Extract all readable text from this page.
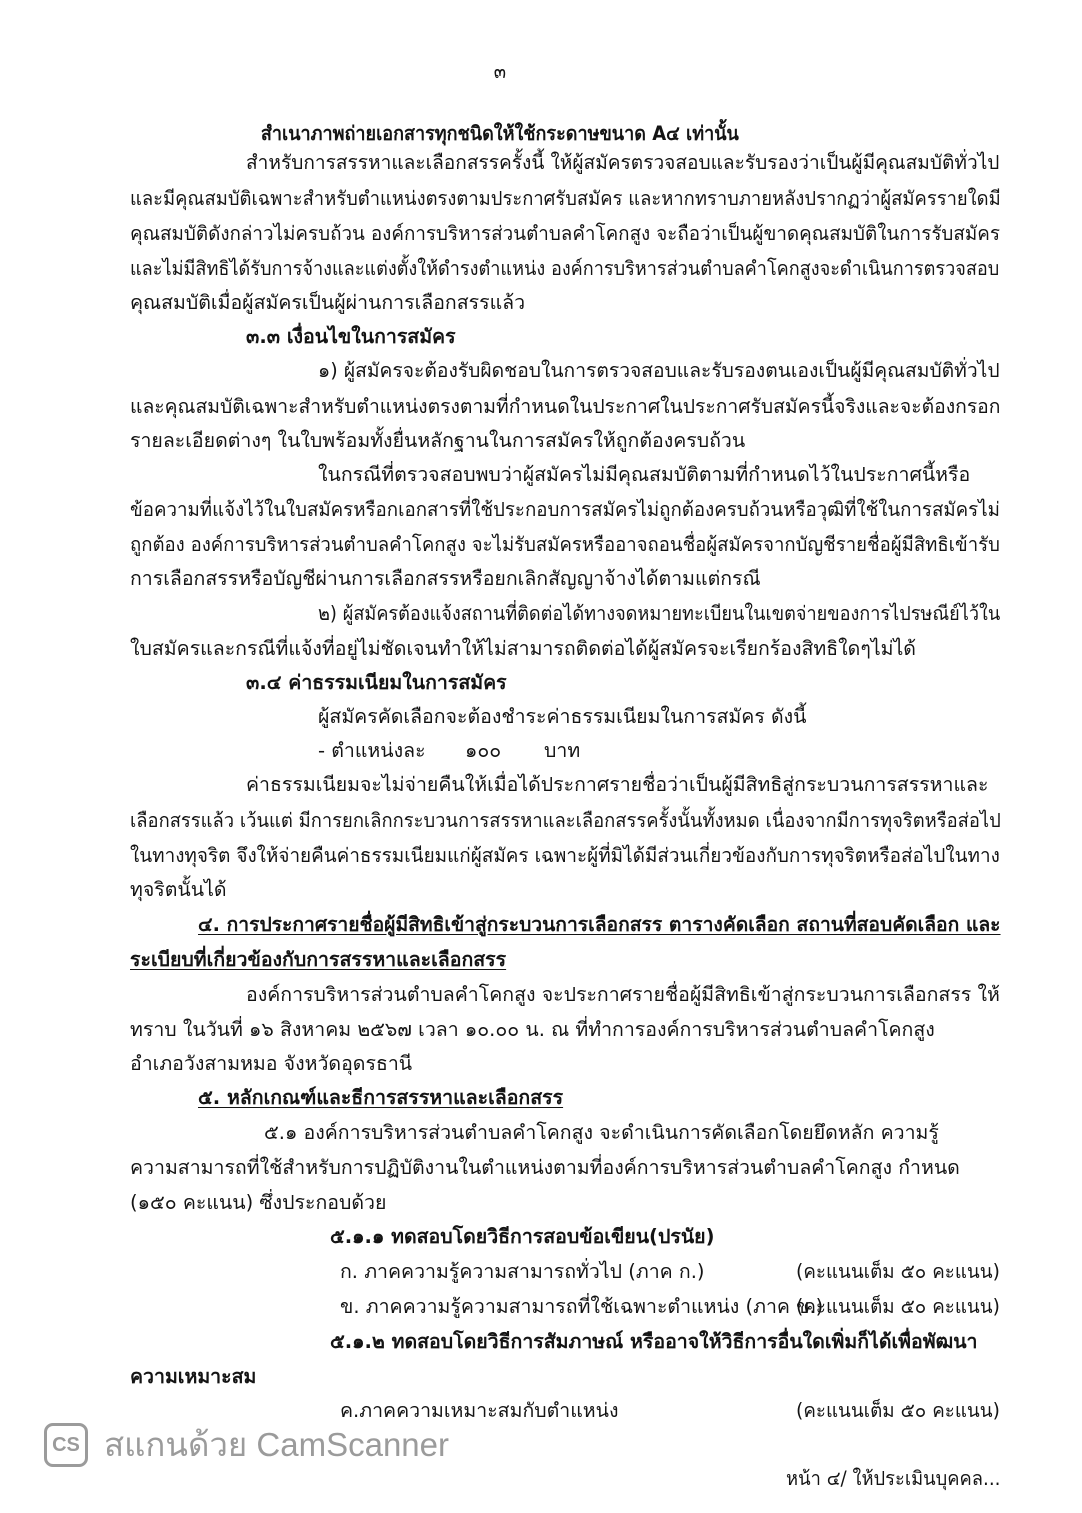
๓
สำเนาภาพถ่ายเอกสารทุกชนิดให้ใช้กระดาษขนาด A๔ เท่านั้น
สำหรับการสรรหาและเลือกสรรครั้งนี้ ให้ผู้สมัครตรวจสอบและรับรองว่าเป็นผู้มีคุณสมบัติทั่วไป
และมีคุณสมบัติเฉพาะสำหรับตำแหน่งตรงตามประกาศรับสมัคร และหากทราบภายหลังปรากฏว่าผู้สมัครรายใดมี
คุณสมบัติดังกล่าวไม่ครบถ้วน องค์การบริหารส่วนตำบลคำโคกสูง จะถือว่าเป็นผู้ขาดคุณสมบัติในการรับสมัคร
และไม่มีสิทธิได้รับการจ้างและแต่งตั้งให้ดำรงตำแหน่ง องค์การบริหารส่วนตำบลคำโคกสูงจะดำเนินการตรวจสอบ
คุณสมบัติเมื่อผู้สมัครเป็นผู้ผ่านการเลือกสรรแล้ว
๓.๓ เงื่อนไขในการสมัคร
๑) ผู้สมัครจะต้องรับผิดชอบในการตรวจสอบและรับรองตนเองเป็นผู้มีคุณสมบัติทั่วไป
และคุณสมบัติเฉพาะสำหรับตำแหน่งตรงตามที่กำหนดในประกาศในประกาศรับสมัครนี้จริงและจะต้องกรอก
รายละเอียดต่างๆ ในใบพร้อมทั้งยื่นหลักฐานในการสมัครให้ถูกต้องครบถ้วน
ในกรณีที่ตรวจสอบพบว่าผู้สมัครไม่มีคุณสมบัติตามที่กำหนดไว้ในประกาศนี้หรือ
ข้อความที่แจ้งไว้ในใบสมัครหรือกเอกสารที่ใช้ประกอบการสมัครไม่ถูกต้องครบถ้วนหรือวุฒิที่ใช้ในการสมัครไม่
ถูกต้อง องค์การบริหารส่วนตำบลคำโคกสูง จะไม่รับสมัครหรืออาจถอนชื่อผู้สมัครจากบัญชีรายชื่อผู้มีสิทธิเข้ารับ
การเลือกสรรหรือบัญชีผ่านการเลือกสรรหรือยกเลิกสัญญาจ้างได้ตามแต่กรณี
๒) ผู้สมัครต้องแจ้งสถานที่ติดต่อได้ทางจดหมายทะเบียนในเขตจ่ายของการไปรษณีย์ไว้ใน
ใบสมัครและกรณีที่แจ้งที่อยู่ไม่ชัดเจนทำให้ไม่สามารถติดต่อได้ผู้สมัครจะเรียกร้องสิทธิใดๆไม่ได้
๓.๔ ค่าธรรมเนียมในการสมัคร
ผู้สมัครคัดเลือกจะต้องชำระค่าธรรมเนียมในการสมัคร ดังนี้
- ตำแหน่งละ ๑๐๐ บาท
ค่าธรรมเนียมจะไม่จ่ายคืนให้เมื่อได้ประกาศรายชื่อว่าเป็นผู้มีสิทธิสู่กระบวนการสรรหาและ
เลือกสรรแล้ว เว้นแต่ มีการยกเลิกกระบวนการสรรหาและเลือกสรรครั้งนั้นทั้งหมด เนื่องจากมีการทุจริตหรือส่อไป
ในทางทุจริต จึงให้จ่ายคืนค่าธรรมเนียมแก่ผู้สมัคร เฉพาะผู้ที่มิได้มีส่วนเกี่ยวข้องกับการทุจริตหรือส่อไปในทาง
ทุจริตนั้นได้
๔. การประกาศรายชื่อผู้มีสิทธิเข้าสู่กระบวนการเลือกสรร ตารางคัดเลือก สถานที่สอบคัดเลือก และ
ระเบียบที่เกี่ยวข้องกับการสรรหาและเลือกสรร
องค์การบริหารส่วนตำบลคำโคกสูง จะประกาศรายชื่อผู้มีสิทธิเข้าสู่กระบวนการเลือกสรร ให้
ทราบ ในวันที่ ๑๖ สิงหาคม ๒๕๖๗ เวลา ๑๐.๐๐ น. ณ ที่ทำการองค์การบริหารส่วนตำบลคำโคกสูง
อำเภอวังสามหมอ จังหวัดอุดรธานี
๕. หลักเกณฑ์และธีการสรรหาและเลือกสรร
๕.๑ องค์การบริหารส่วนตำบลคำโคกสูง จะดำเนินการคัดเลือกโดยยึดหลัก ความรู้
ความสามารถที่ใช้สำหรับการปฏิบัติงานในตำแหน่งตามที่องค์การบริหารส่วนตำบลคำโคกสูง กำหนด
(๑๕๐ คะแนน) ซึ่งประกอบด้วย
๕.๑.๑ ทดสอบโดยวิธีการสอบข้อเขียน(ปรนัย)
ก. ภาคความรู้ความสามารถทั่วไป (ภาค ก.)	(คะแนนเต็ม ๕๐ คะแนน)
ข. ภาคความรู้ความสามารถที่ใช้เฉพาะตำแหน่ง (ภาค ข.)
(คะแนนเต็ม ๕๐ คะแนน)
๕.๑.๒ ทดสอบโดยวิธีการสัมภาษณ์ หรืออาจให้วิธีการอื่นใดเพิ่มก็ได้เพื่อพัฒนา
ความเหมาะสม
ค.ภาคความเหมาะสมกับตำแหน่ง	(คะแนนเต็ม ๕๐ คะแนน)
CS สแกนด้วย CamScanner
หน้า ๔/ ให้ประเมินบุคคล...
